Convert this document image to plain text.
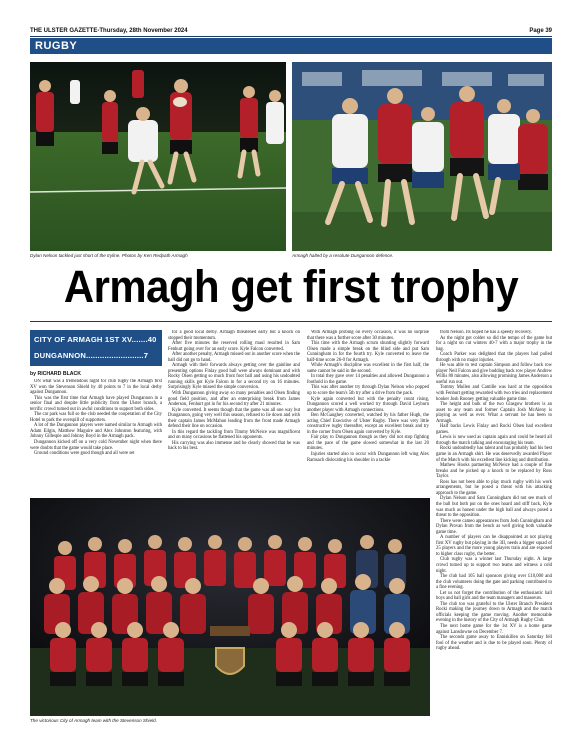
THE ULSTER GAZETTE-Thursday, 28th November 2024	Page 39
RUGBY
Dylan Nelson tackled just short of the tryline. Photos by Ken Redpath Armagh	Armagh halted by a resolute Dungannon defence.
Armagh get first trophy
CITY OF ARMAGH 1ST XV.......40
DUNGANNON.........................7
by RICHARD BLACK

ON what was a tremendous night for club rugby the Armagh first XV won the Stevenson Shield by 40 points to 7 in the local derby against Dungannon.

This was the first time that Armagh have played Dungannon in a senior final and despite little publicity from the Ulster branch, a terrific crowd turned out in awful conditions to support both sides.

The car park was full so the club needed the cooperation of the City Hotel to park the overspill of supporters.

A lot of the Dungannon players were named similar to Armagh with Adam Eilgin, Matthew Maguire and Alex Johnston featuring, with Johnny Gillespie and Johnny Boyd in the Armagh pack.

Dungannon kicked off on a very cold November night when there were doubts that the game would take place.

Ground conditions were good though and all were set

for a good local derby. Armagh threatened early but a knock on stopped their momentum.

After five minutes the reserved rolling maul resulted in Sam Fenhurt going over for an early score. Kyle Falcon converted.

After another penalty, Armagh missed out in another score when the ball did not go to hand.

Armagh with their forwards always getting over the gainline and presenting options Finlay good ball were always dominant and with Rocky Olsen getting so much front foot ball and using his undoubted running skills got Kyle Falcon in for a second try on 16 minutes. Surprisingly Kyle missed the simple conversion.

With Dungannon giving away so many penalties and Olsen finding good field position, and after an enterprising break from James Anderson, Fenhurt got in for his second try after 21 minutes.

Kyle converted. It seems though that the game was all one way but Dungannon, going very well this season, refused to lie down and with their captain James McMahon leading from the front made Armagh defend their line on occasion.

In this regard the tackling from Timmy McNeice was magnificent and on many occasions he flattened his opponents.

His carrying was also immense and he clearly showed that he was back to his best.

With Armagh probing on every occasion, it was no surprise that there was a further score after 30 minutes.

This time with the Armagh scrum shunting slightly forward Olsen made a simple break on the blind side and put Sam Cunningham in for the fourth try. Kyle converted to leave the half-time score 26-0 for Armagh.

While Armagh's discipline was excellent in the first half, the same cannot be said in the second.

In total they gave over 14 penalties and allowed Dungannon a foothold in the game.

This was after another try through Dylan Nelson who popped up to score the team's 5th try after a drive from the pack.

Kyle again converted but with the penalty count rising, Dungannon scored a well worked try through David Leyburn another player with Armagh connections.

Ben McGaughey converted, watched by his father Hugh, the acting Chief Executive of Ulster Rugby. There was very little constructive rugby thereafter, except an excellent break and try in the corner from Olsen again converted by Kyle.

Fair play to Dungannon though as they did not stop fighting and the pace of the game slowed somewhat in the last 20 minutes.

Injuries started also to occur with Dungannon left wing Alex Ramsach dislocating his shoulder in a tackle

from Nelson. Its hoped he has a speedy recovery.

As the night got colder so did the tempo of the game but for a night on cut winters 40-7 with a major trophy in the bag.

Coach Parker was delighted that the players had pulled through with no major injuries.

He was able to rest captain Simpson and follow back row player Neil Falcon and give budding back row player Andrew Willis 80 minutes, also allowing promising James Anderson a useful run out.

Tommy Mullen and Camille was hard at the opposition with Fenhurt getting rewarded with two tries and replacement hooker Josh Rooney getting valuable game time.

The height and bulk of the two Glasgow brothers is an asset to any team and former Captain Josh McAleny is playing as well as ever. What a servant he has been to Armagh.

Half backs Lewis Finlay and Rocki Olsen had excellent games.

Lewis is now used as captain again and could be heard all through the match talking and encouraging his team.

Rocki undoubtedly has talent and has probably had his best game in an Armagh shirt. He was deservedly awarded Player of the Match with his excellent line kicking and distribution.

Mathew Hooks partnering McNeice had a couple of fine breaks and he picked up a knock to be replaced by Ross Taylor.

Ross has not been able to play much rugby with his work arrangements, but he posed a threat with his attacking approach to the game.

Dylan Nelson and Sam Cunningham did not see much of the ball but both put on the ones hoard and stiff back, Kyle was much as honest under the high ball and always posed a threat to the opposition.

There were cameo appearances from Josh Cunningham and Dylan Provan from the bench as well giving both valuable game time.

A number of players can be disappointed at not playing first XV rugby but playing in the 3II, needs a bigger squad of 25 players and the more young players train and are exposed to higher class rugby, the better.

Club rugby was a winner last Thursday night. A large crowd turned up to support two teams and witness a cold night.

The club had 105 ball sponsors giving over £10,000 and the club volunteers doing the gate and parking contributed to a fine evening.

Let us not forget the contribution of the enthusiastic ball boys and ball girls and the team managers and masseurs.

The club too was grateful to the Ulster Branch President Rocki making the journey down to Armagh and the match officials keeping the game moving. Another memorable evening in the history of the City of Armagh Rugby Club.

The next home game for the 1st XV is a home game against Lansdowne on December 7.

The seconds game away to Enniskillen on Saturday fell fool of the weather and is due to be played soon. Plenty of rugby ahead.

The victorious City of Armagh team with the Stevenson Shield.
